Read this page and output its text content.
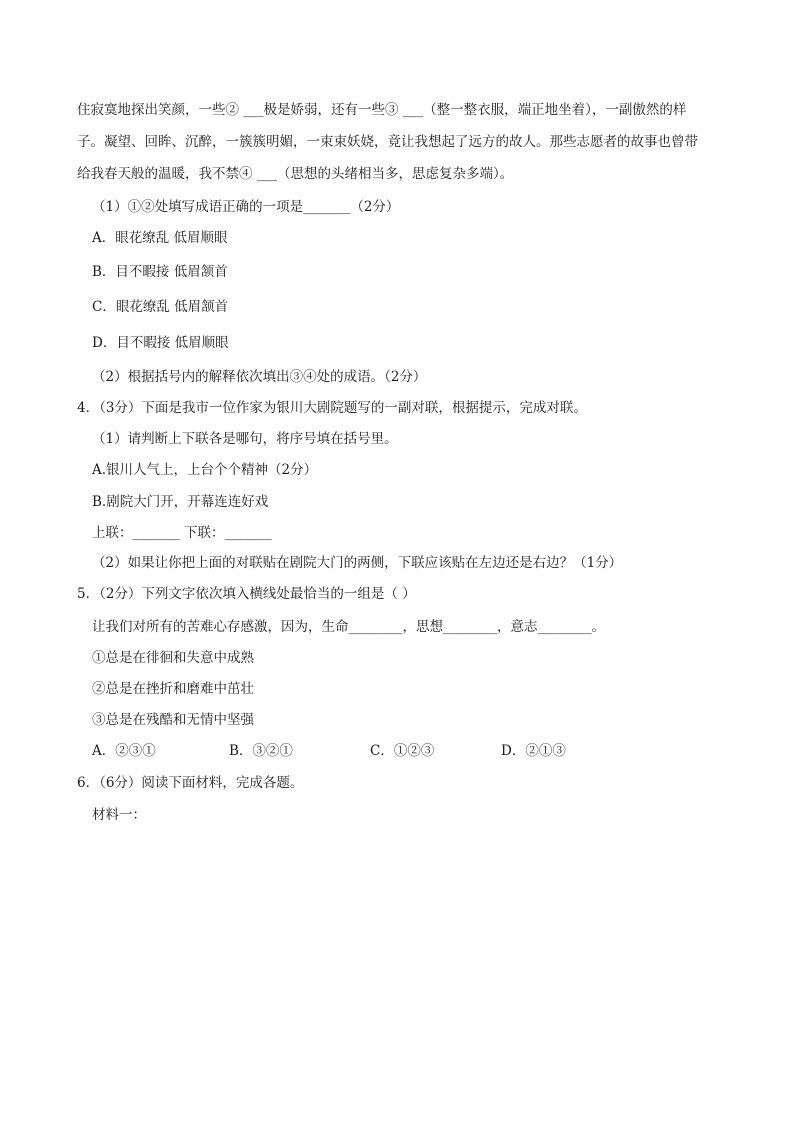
住寂寞地探出笑颜，一些② ___极是娇弱，还有一些③ ___（整一整衣服，端正地坐着），一副傲然的样
子。凝望、回眸、沉醉，一簇簇明媚，一束束妖娆，竟让我想起了远方的故人。那些志愿者的故事也曾带
给我春天般的温暖，我不禁④ ___（思想的头绪相当多，思虑复杂多端）。
（1）①②处填写成语正确的一项是_______（2分）
A．眼花缭乱 低眉顺眼
B．目不暇接 低眉颔首
C．眼花缭乱 低眉颔首
D．目不暇接 低眉顺眼
（2）根据括号内的解释依次填出③④处的成语。（2分）
4．（3分）下面是我市一位作家为银川大剧院题写的一副对联，根据提示，完成对联。
（1）请判断上下联各是哪句，将序号填在括号里。
A.银川人气上，上台个个精神（2分）
B.剧院大门开，开幕连连好戏
上联：_______ 下联：_______
（2）如果让你把上面的对联贴在剧院大门的两侧，下联应该贴在左边还是右边？（1分）
5．（2分）下列文字依次填入横线处最恰当的一组是（ ）
让我们对所有的苦难心存感激，因为，生命________，思想________，意志________。
①总是在徘徊和失意中成熟
②总是在挫折和磨难中茁壮
③总是在残酷和无情中坚强
A．②③①	B．③②①	C．①②③	D．②①③
6．（6分）阅读下面材料，完成各题。
材料一：
